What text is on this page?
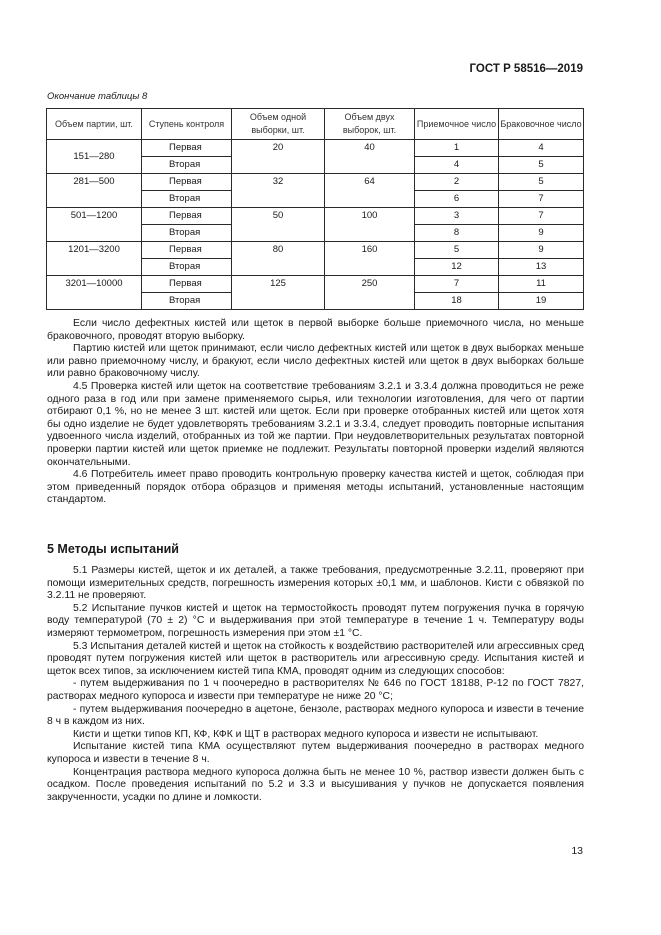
ГОСТ Р 58516—2019
Окончание таблицы 8
Объем партии, шт.	Ступень контроля	Объем одной выборки, шт.	Объем двух выборок, шт.	Приемочное число	Браковочное число
151—280	Первая	20	40	1	4
	Вторая			4	5
281—500	Первая	32	64	2	5
	Вторая			6	7
501—1200	Первая	50	100	3	7
	Вторая			8	9
1201—3200	Первая	80	160	5	9
	Вторая			12	13
3201—10000	Первая	125	250	7	11
	Вторая			18	19

Если число дефектных кистей или щеток в первой выборке больше приемочного числа, но меньше браковочного, проводят вторую выборку.

Партию кистей или щеток принимают, если число дефектных кистей или щеток в двух выборках меньше или равно приемочному числу, и бракуют, если число дефектных кистей или щеток в двух выборках больше или равно браковочному числу.

4.5 Проверка кистей или щеток на соответствие требованиям 3.2.1 и 3.3.4 должна проводиться не реже одного раза в год или при замене применяемого сырья, или технологии изготовления, для чего от партии отбирают 0,1 %, но не менее 3 шт. кистей или щеток. Если при проверке отобранных кистей или щеток хотя бы одно изделие не будет удовлетворять требованиям 3.2.1 и 3.3.4, следует проводить повторные испытания удвоенного числа изделий, отобранных из той же партии. При неудовлетворительных результатах повторной проверки партии кистей или щеток приемке не подлежит. Результаты повторной проверки изделий являются окончательными.

4.6 Потребитель имеет право проводить контрольную проверку качества кистей и щеток, соблюдая при этом приведенный порядок отбора образцов и применяя методы испытаний, установленные настоящим стандартом.

5 Методы испытаний

5.1 Размеры кистей, щеток и их деталей, а также требования, предусмотренные 3.2.11, проверяют при помощи измерительных средств, погрешность измерения которых ±0,1 мм, и шаблонов. Кисти с обвязкой по 3.2.11 не проверяют.

5.2 Испытание пучков кистей и щеток на термостойкость проводят путем погружения пучка в горячую воду температурой (70 ± 2) °С и выдерживания при этой температуре в течение 1 ч. Температуру воды измеряют термометром, погрешность измерения при этом ±1 °С.

5.3 Испытания деталей кистей и щеток на стойкость к воздействию растворителей или агрессивных сред проводят путем погружения кистей или щеток в растворитель или агрессивную среду. Испытания кистей и щеток всех типов, за исключением кистей типа КМА, проводят одним из следующих способов:

- путем выдерживания по 1 ч поочередно в растворителях № 646 по ГОСТ 18188, Р-12 по ГОСТ 7827, растворах медного купороса и извести при температуре не ниже 20 °С;

- путем выдерживания поочередно в ацетоне, бензоле, растворах медного купороса и извести в течение 8 ч в каждом из них.

Кисти и щетки типов КП, КФ, КФК и ЩТ в растворах медного купороса и извести не испытывают.

Испытание кистей типа КМА осуществляют путем выдерживания поочередно в растворах медного купороса и извести в течение 8 ч.

Концентрация раствора медного купороса должна быть не менее 10 %, раствор извести должен быть с осадком. После проведения испытаний по 5.2 и 3.3 и высушивания у пучков не допускается появления закрученности, усадки по длине и ломкости.

13
